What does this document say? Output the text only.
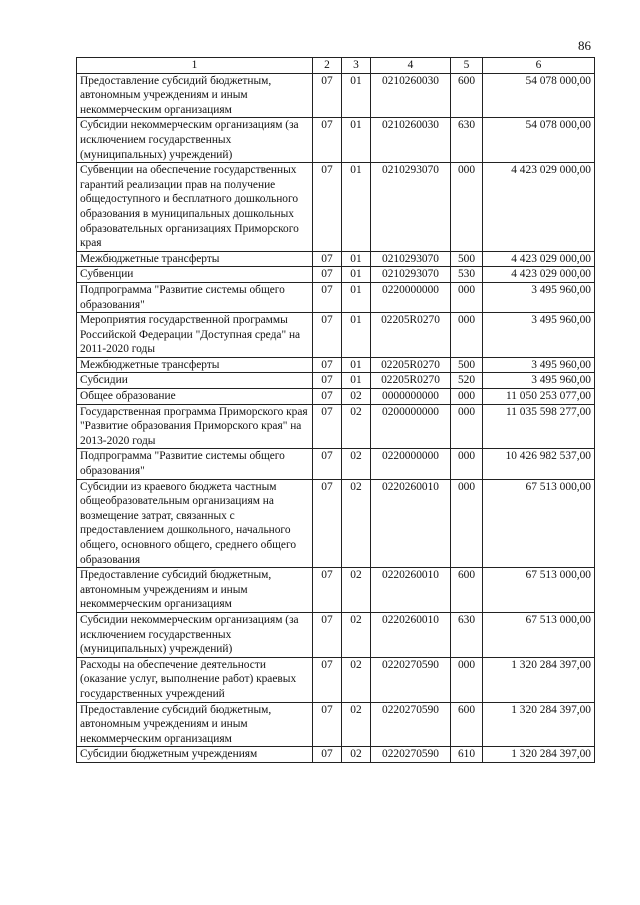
86
1	2	3	4	5	6
Предоставление субсидий бюджетным, автономным учреждениям и иным некоммерческим организациям	07	01	0210260030	600	54 078 000,00
Субсидии некоммерческим организациям (за исключением государственных (муниципальных) учреждений)	07	01	0210260030	630	54 078 000,00
Субвенции на обеспечение государственных гарантий реализации прав на получение общедоступного и бесплатного дошкольного образования в муниципальных дошкольных образовательных организациях Приморского края	07	01	0210293070	000	4 423 029 000,00
Межбюджетные трансферты	07	01	0210293070	500	4 423 029 000,00
Субвенции	07	01	0210293070	530	4 423 029 000,00
Подпрограмма "Развитие системы общего образования"	07	01	0220000000	000	3 495 960,00
Мероприятия государственной программы Российской Федерации "Доступная среда" на 2011-2020 годы	07	01	02205R0270	000	3 495 960,00
Межбюджетные трансферты	07	01	02205R0270	500	3 495 960,00
Субсидии	07	01	02205R0270	520	3 495 960,00
Общее образование	07	02	0000000000	000	11 050 253 077,00
Государственная программа Приморского края "Развитие образования Приморского края" на 2013-2020 годы	07	02	0200000000	000	11 035 598 277,00
Подпрограмма "Развитие системы общего образования"	07	02	0220000000	000	10 426 982 537,00
Субсидии из краевого бюджета частным общеобразовательным организациям на возмещение затрат, связанных с предоставлением дошкольного, начального общего, основного общего, среднего общего образования	07	02	0220260010	000	67 513 000,00
Предоставление субсидий бюджетным, автономным учреждениям и иным некоммерческим организациям	07	02	0220260010	600	67 513 000,00
Субсидии некоммерческим организациям (за исключением государственных (муниципальных) учреждений)	07	02	0220260010	630	67 513 000,00
Расходы на обеспечение деятельности (оказание услуг, выполнение работ) краевых государственных учреждений	07	02	0220270590	000	1 320 284 397,00
Предоставление субсидий бюджетным, автономным учреждениям и иным некоммерческим организациям	07	02	0220270590	600	1 320 284 397,00
Субсидии бюджетным учреждениям	07	02	0220270590	610	1 320 284 397,00
